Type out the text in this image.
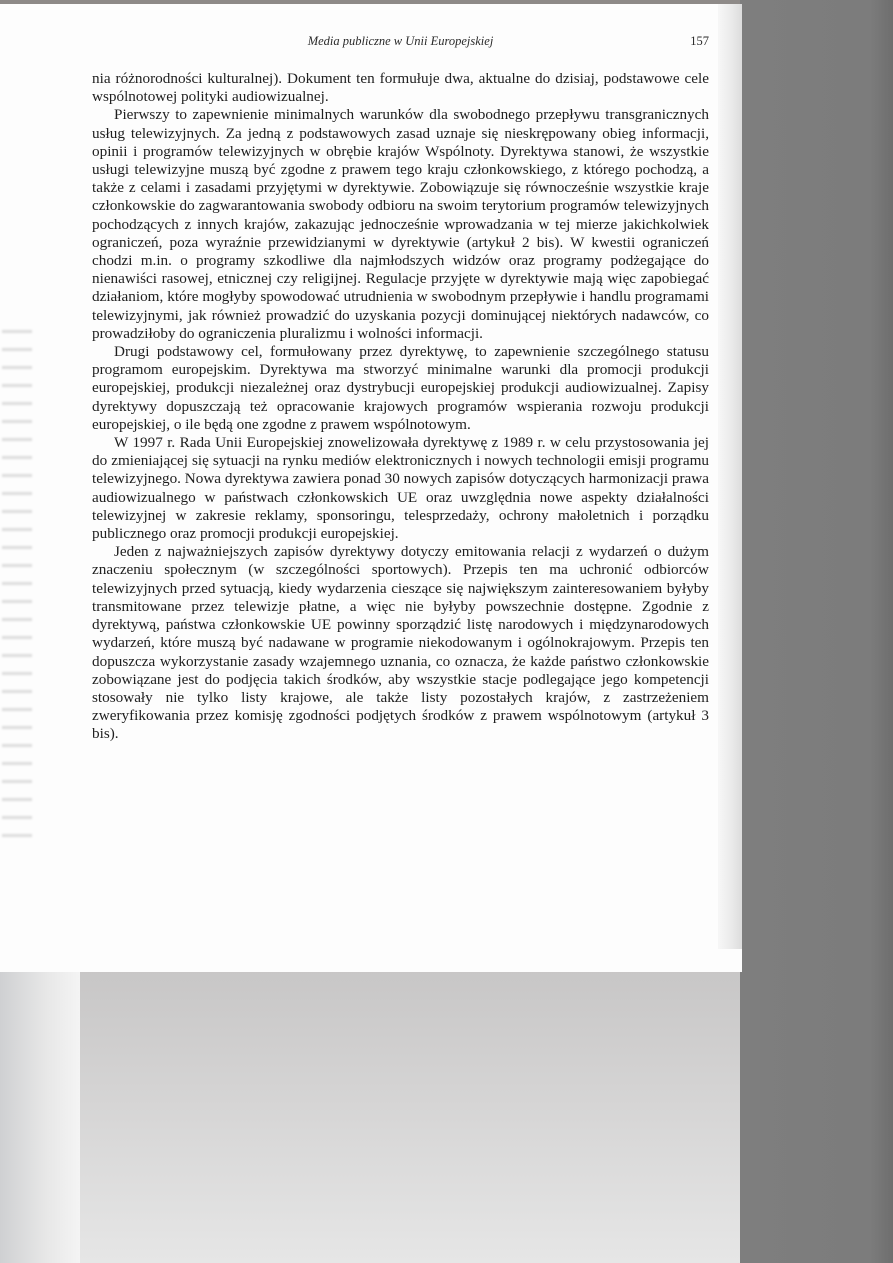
Media publiczne w Unii Europejskiej	157

nia różnorodności kulturalnej). Dokument ten formułuje dwa, aktualne do dzisiaj, podstawowe cele wspólnotowej polityki audiowizualnej.

Pierwszy to zapewnienie minimalnych warunków dla swobodnego przepływu transgranicznych usług telewizyjnych. Za jedną z podstawowych zasad uznaje się nieskrępowany obieg informacji, opinii i programów telewizyjnych w obrębie krajów Wspólnoty. Dyrektywa stanowi, że wszystkie usługi telewizyjne muszą być zgodne z prawem tego kraju członkowskiego, z którego pochodzą, a także z celami i zasadami przyjętymi w dyrektywie. Zobowiązuje się równocześnie wszystkie kraje członkowskie do zagwarantowania swobody odbioru na swoim terytorium programów telewizyjnych pochodzących z innych krajów, zakazując jednocześnie wprowadzania w tej mierze jakichkolwiek ograniczeń, poza wyraźnie przewidzianymi w dyrektywie (artykuł 2 bis). W kwestii ograniczeń chodzi m.in. o programy szkodliwe dla najmłodszych widzów oraz programy podżegające do nienawiści rasowej, etnicznej czy religijnej. Regulacje przyjęte w dyrektywie mają więc zapobiegać działaniom, które mogłyby spowodować utrudnienia w swobodnym przepływie i handlu programami telewizyjnymi, jak również prowadzić do uzyskania pozycji dominującej niektórych nadawców, co prowadziłoby do ograniczenia pluralizmu i wolności informacji.

Drugi podstawowy cel, formułowany przez dyrektywę, to zapewnienie szczególnego statusu programom europejskim. Dyrektywa ma stworzyć minimalne warunki dla promocji produkcji europejskiej, produkcji niezależnej oraz dystrybucji europejskiej produkcji audiowizualnej. Zapisy dyrektywy dopuszczają też opracowanie krajowych programów wspierania rozwoju produkcji europejskiej, o ile będą one zgodne z prawem wspólnotowym.

W 1997 r. Rada Unii Europejskiej znowelizowała dyrektywę z 1989 r. w celu przystosowania jej do zmieniającej się sytuacji na rynku mediów elektronicznych i nowych technologii emisji programu telewizyjnego. Nowa dyrektywa zawiera ponad 30 nowych zapisów dotyczących harmonizacji prawa audiowizualnego w państwach członkowskich UE oraz uwzględnia nowe aspekty działalności telewizyjnej w zakresie reklamy, sponsoringu, telesprzedaży, ochrony małoletnich i porządku publicznego oraz promocji produkcji europejskiej.

Jeden z najważniejszych zapisów dyrektywy dotyczy emitowania relacji z wydarzeń o dużym znaczeniu społecznym (w szczególności sportowych). Przepis ten ma uchronić odbiorców telewizyjnych przed sytuacją, kiedy wydarzenia cieszące się największym zainteresowaniem byłyby transmitowane przez telewizje płatne, a więc nie byłyby powszechnie dostępne. Zgodnie z dyrektywą, państwa członkowskie UE powinny sporządzić listę narodowych i międzynarodowych wydarzeń, które muszą być nadawane w programie niekodowanym i ogólnokrajowym. Przepis ten dopuszcza wykorzystanie zasady wzajemnego uznania, co oznacza, że każde państwo członkowskie zobowiązane jest do podjęcia takich środków, aby wszystkie stacje podlegające jego kompetencji stosowały nie tylko listy krajowe, ale także listy pozostałych krajów, z zastrzeżeniem zweryfikowania przez komisję zgodności podjętych środków z prawem wspólnotowym (artykuł 3 bis).
